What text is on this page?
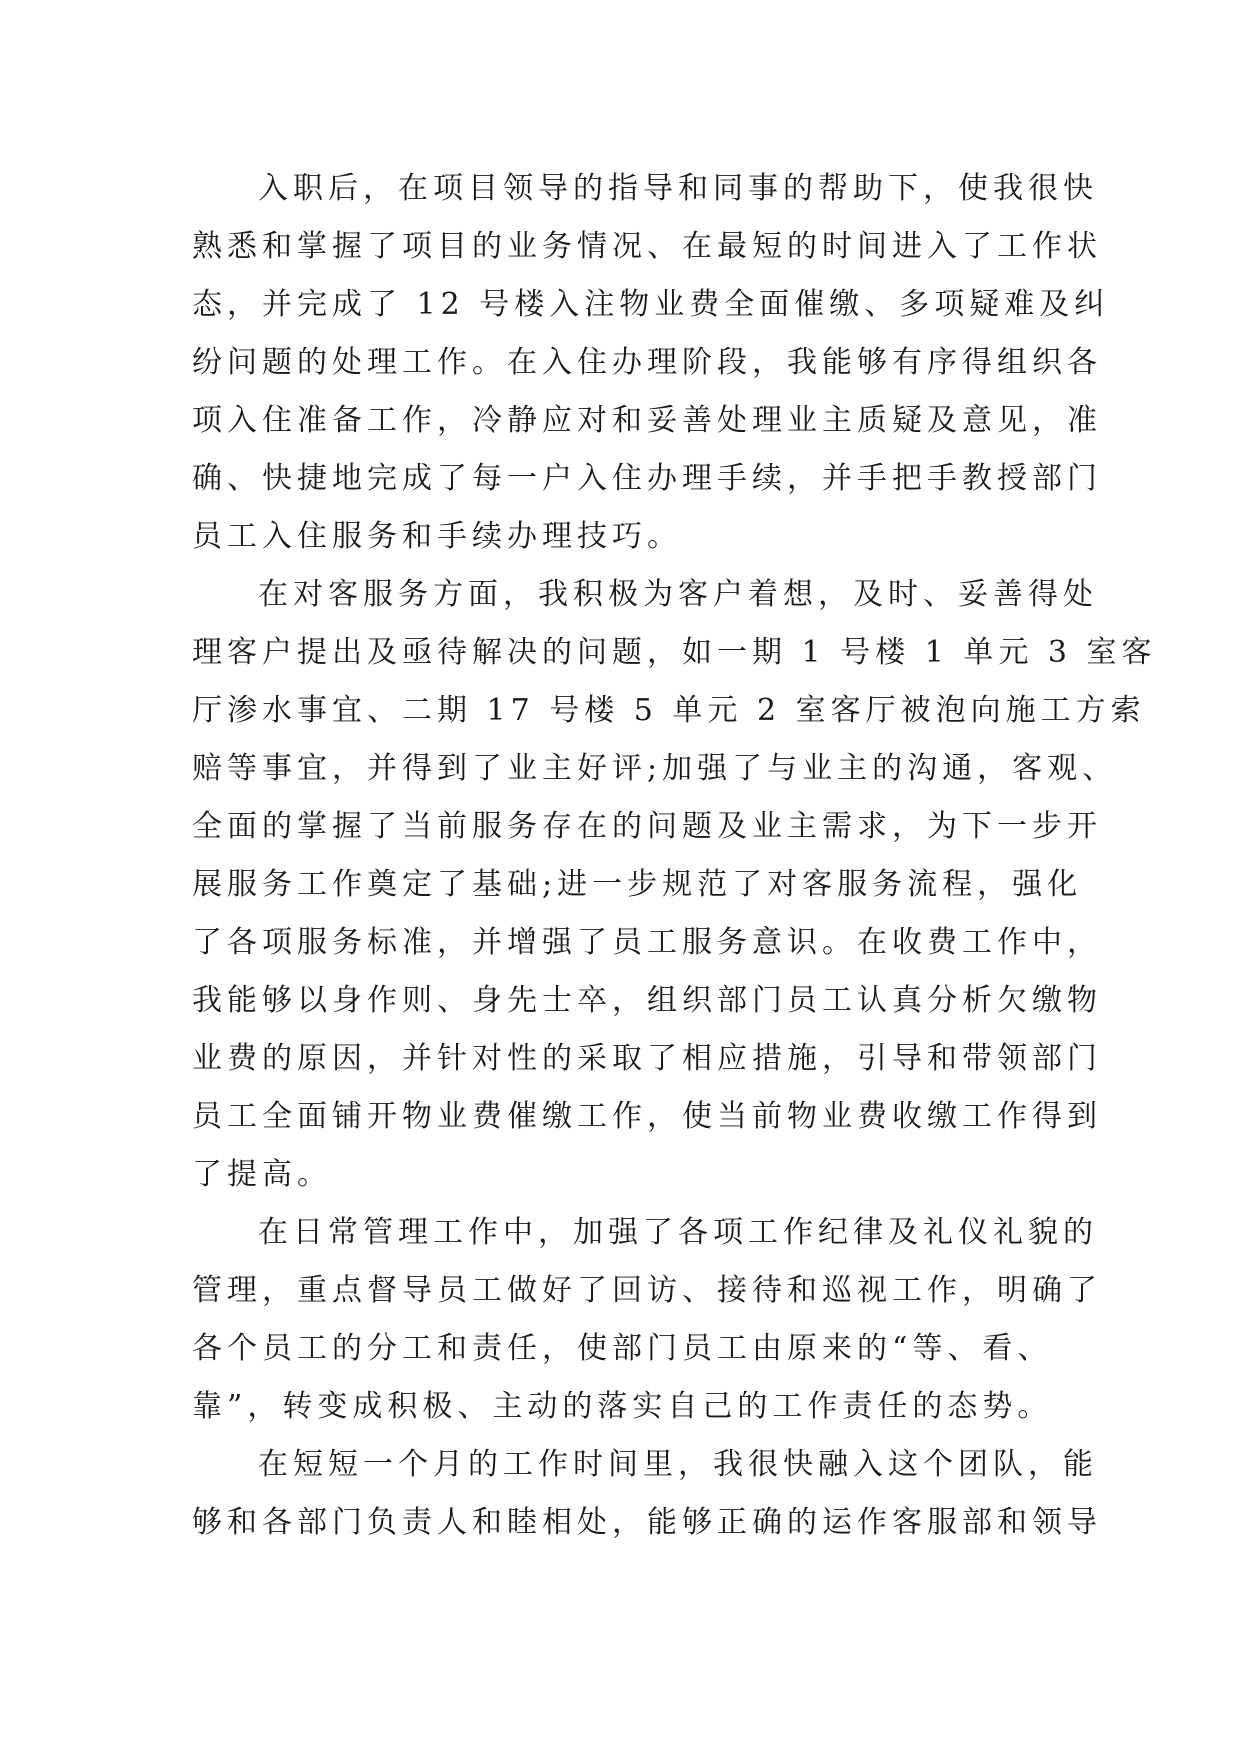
入职后，在项目领导的指导和同事的帮助下，使我很快
熟悉和掌握了项目的业务情况、在最短的时间进入了工作状
态，并完成了 12 号楼入注物业费全面催缴、多项疑难及纠
纷问题的处理工作。在入住办理阶段，我能够有序得组织各
项入住准备工作，冷静应对和妥善处理业主质疑及意见，准
确、快捷地完成了每一户入住办理手续，并手把手教授部门
员工入住服务和手续办理技巧。
在对客服务方面，我积极为客户着想，及时、妥善得处
理客户提出及亟待解决的问题，如一期 1 号楼 1 单元 3 室客
厅渗水事宜、二期 17 号楼 5 单元 2 室客厅被泡向施工方索
赔等事宜，并得到了业主好评;加强了与业主的沟通，客观、
全面的掌握了当前服务存在的问题及业主需求，为下一步开
展服务工作奠定了基础;进一步规范了对客服务流程，强化
了各项服务标准，并增强了员工服务意识。在收费工作中，
我能够以身作则、身先士卒，组织部门员工认真分析欠缴物
业费的原因，并针对性的采取了相应措施，引导和带领部门
员工全面铺开物业费催缴工作，使当前物业费收缴工作得到
了提高。
在日常管理工作中，加强了各项工作纪律及礼仪礼貌的
管理，重点督导员工做好了回访、接待和巡视工作，明确了
各个员工的分工和责任，使部门员工由原来的“等、看、
靠”，转变成积极、主动的落实自己的工作责任的态势。
在短短一个月的工作时间里，我很快融入这个团队，能
够和各部门负责人和睦相处，能够正确的运作客服部和领导
